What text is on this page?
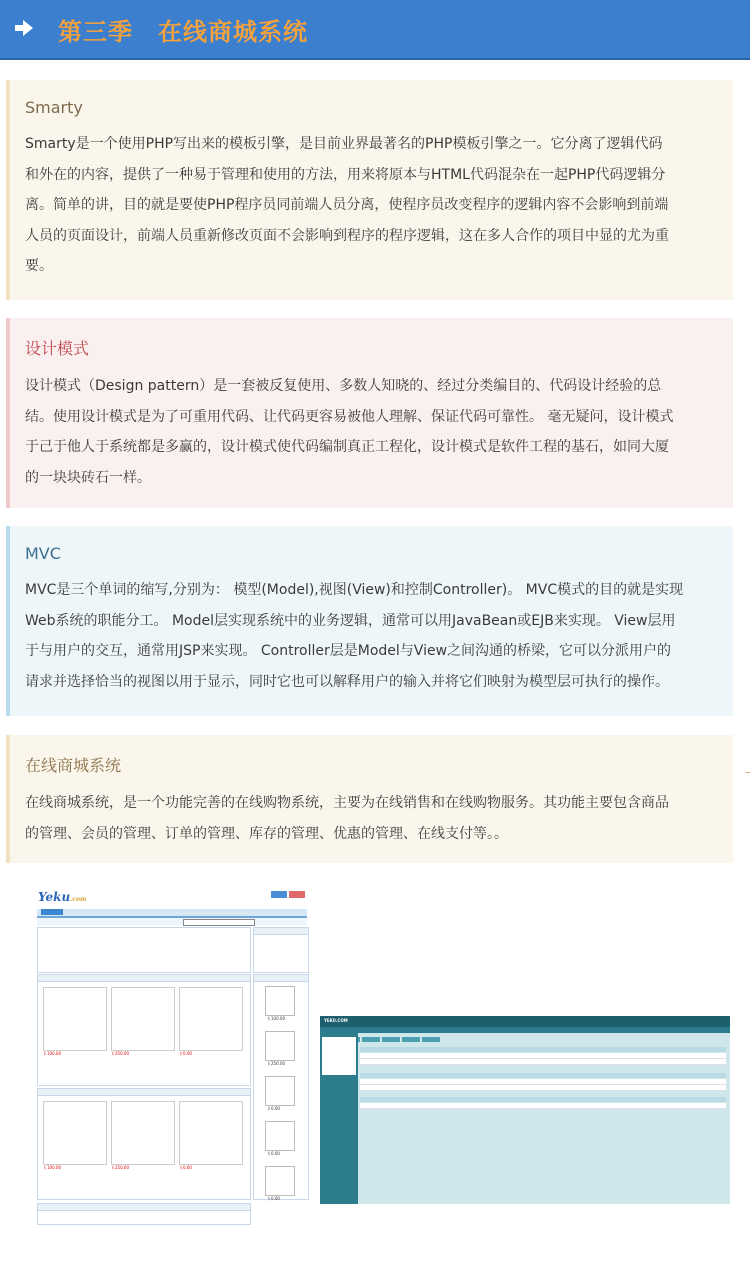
第三季　在线商城系统
Smarty

Smarty是一个使用PHP写出来的模板引擎，是目前业界最著名的PHP模板引擎之一。它分离了逻辑代码
和外在的内容，提供了一种易于管理和使用的方法，用来将原本与HTML代码混杂在一起PHP代码逻辑分
离。简单的讲，目的就是要使PHP程序员同前端人员分离，使程序员改变程序的逻辑内容不会影响到前端
人员的页面设计，前端人员重新修改页面不会影响到程序的程序逻辑，这在多人合作的项目中显的尤为重
要。

设计模式

设计模式（Design pattern）是一套被反复使用、多数人知晓的、经过分类编目的、代码设计经验的总
结。使用设计模式是为了可重用代码、让代码更容易被他人理解、保证代码可靠性。 毫无疑问，设计模式
于己于他人于系统都是多赢的，设计模式使代码编制真正工程化，设计模式是软件工程的基石，如同大厦
的一块块砖石一样。

MVC

MVC是三个单词的缩写,分别为： 模型(Model),视图(View)和控制Controller)。 MVC模式的目的就是实现
Web系统的职能分工。 Model层实现系统中的业务逻辑，通常可以用JavaBean或EJB来实现。 View层用
于与用户的交互，通常用JSP来实现。 Controller层是Model与View之间沟通的桥梁，它可以分派用户的
请求并选择恰当的视图以用于显示，同时它也可以解释用户的输入并将它们映射为模型层可执行的操作。

在线商城系统

在线商城系统，是一个功能完善的在线购物系统，主要为在线销售和在线购物服务。其功能主要包含商品
的管理、会员的管理、订单的管理、库存的管理、优惠的管理、在线支付等。。

Yeku.com
￥100.00	￥250.00	￥0.00
￥100.00	￥250.00	￥0.00
￥100.00
￥250.00
￥0.00
￥0.00
￥0.00
YEKU.COM
